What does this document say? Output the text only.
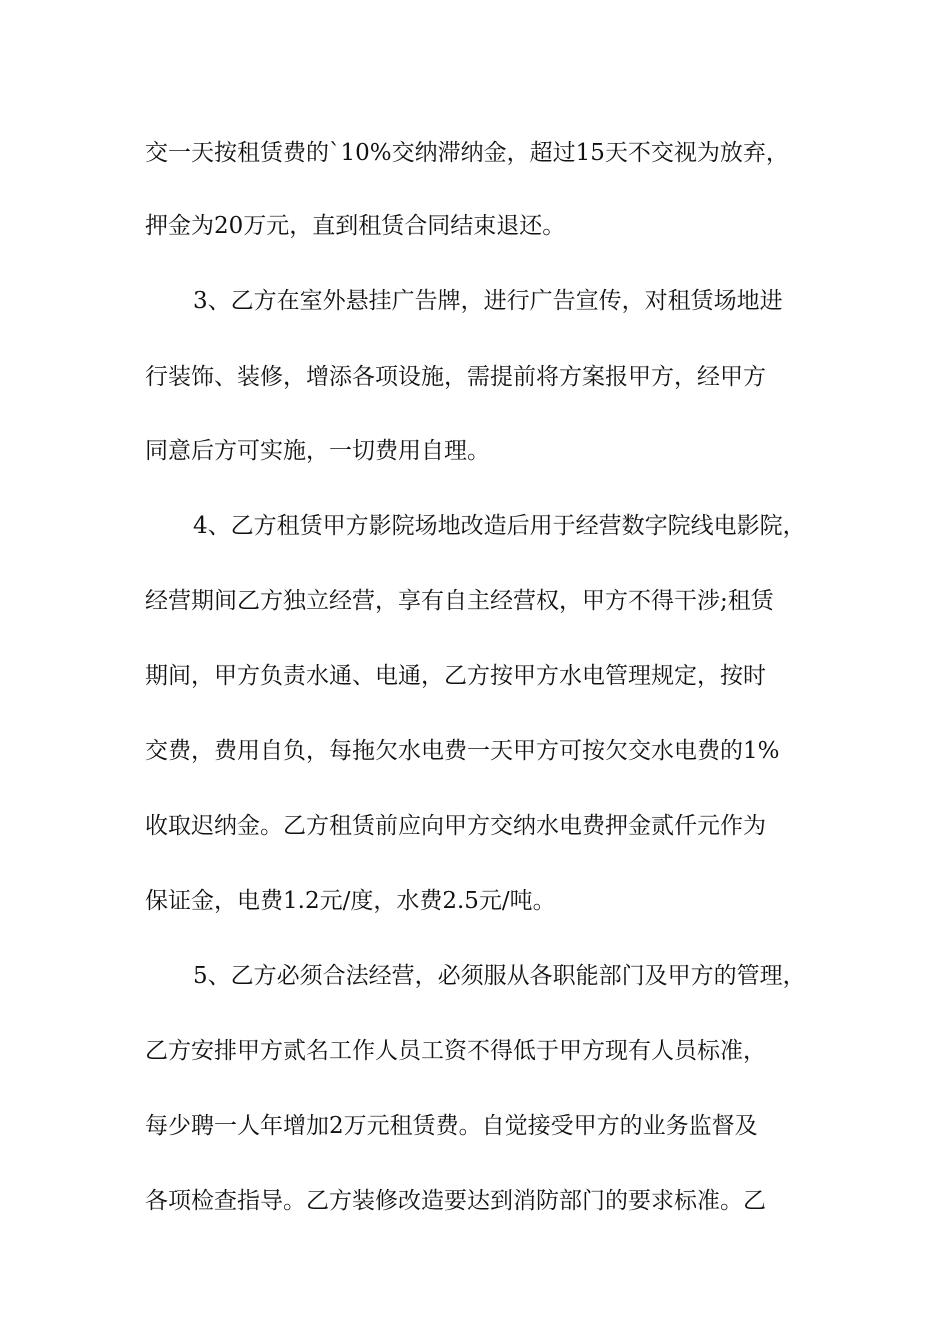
交一天按租赁费的`10%交纳滞纳金，超过15天不交视为放弃，
押金为20万元，直到租赁合同结束退还。
3、乙方在室外悬挂广告牌，进行广告宣传，对租赁场地进
行装饰、装修，增添各项设施，需提前将方案报甲方，经甲方
同意后方可实施，一切费用自理。
4、乙方租赁甲方影院场地改造后用于经营数字院线电影院，
经营期间乙方独立经营，享有自主经营权，甲方不得干涉;租赁
期间，甲方负责水通、电通，乙方按甲方水电管理规定，按时
交费，费用自负，每拖欠水电费一天甲方可按欠交水电费的1%
收取迟纳金。乙方租赁前应向甲方交纳水电费押金贰仟元作为
保证金，电费1.2元/度，水费2.5元/吨。
5、乙方必须合法经营，必须服从各职能部门及甲方的管理，
乙方安排甲方贰名工作人员工资不得低于甲方现有人员标准，
每少聘一人年增加2万元租赁费。自觉接受甲方的业务监督及
各项检查指导。乙方装修改造要达到消防部门的要求标准。乙
